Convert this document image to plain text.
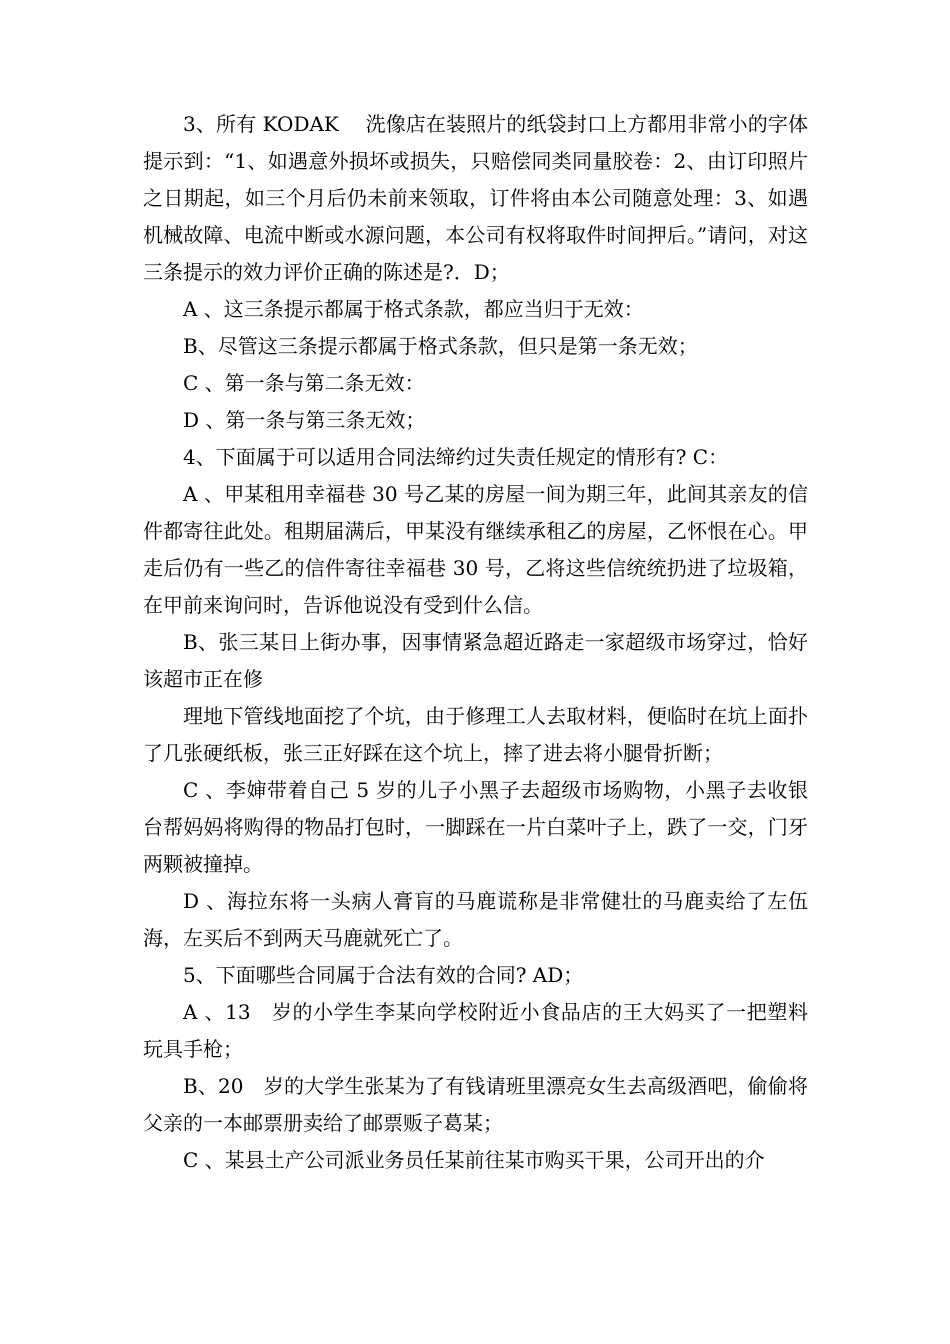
3、所有 KODAK　 洗像店在装照片的纸袋封口上方都用非常小的字体提示到：“1、如遇意外损坏或损失，只赔偿同类同量胶卷：2、由订印照片之日期起，如三个月后仍未前来领取，订件将由本公司随意处理：3、如遇机械故障、电流中断或水源问题，本公司有权将取件时间押后。”请问，对这三条提示的效力评价正确的陈述是?．D；

A 、这三条提示都属于格式条款，都应当归于无效：

B、尽管这三条提示都属于格式条款，但只是第一条无效；

C 、第一条与第二条无效：

D 、第一条与第三条无效；

4、下面属于可以适用合同法缔约过失责任规定的情形有? C：

A 、甲某租用幸福巷 30 号乙某的房屋一间为期三年，此间其亲友的信件都寄往此处。租期届满后，甲某没有继续承租乙的房屋，乙怀恨在心。甲走后仍有一些乙的信件寄往幸福巷 30 号，乙将这些信统统扔进了垃圾箱，在甲前来询问时，告诉他说没有受到什么信。

B、张三某日上街办事，因事情紧急超近路走一家超级市场穿过，恰好该超市正在修

理地下管线地面挖了个坑，由于修理工人去取材料，便临时在坑上面扑了几张硬纸板，张三正好踩在这个坑上，摔了进去将小腿骨折断；

C 、李婶带着自己 5 岁的儿子小黑子去超级市场购物，小黑子去收银台帮妈妈将购得的物品打包时，一脚踩在一片白菜叶子上，跌了一交，门牙两颗被撞掉。

D 、海拉东将一头病人膏肓的马鹿谎称是非常健壮的马鹿卖给了左伍海，左买后不到两天马鹿就死亡了。

5、下面哪些合同属于合法有效的合同? AD；

A 、13　岁的小学生李某向学校附近小食品店的王大妈买了一把塑料玩具手枪；

B、20　岁的大学生张某为了有钱请班里漂亮女生去高级酒吧，偷偷将父亲的一本邮票册卖给了邮票贩子葛某；

C 、某县土产公司派业务员任某前往某市购买干果，公司开出的介
